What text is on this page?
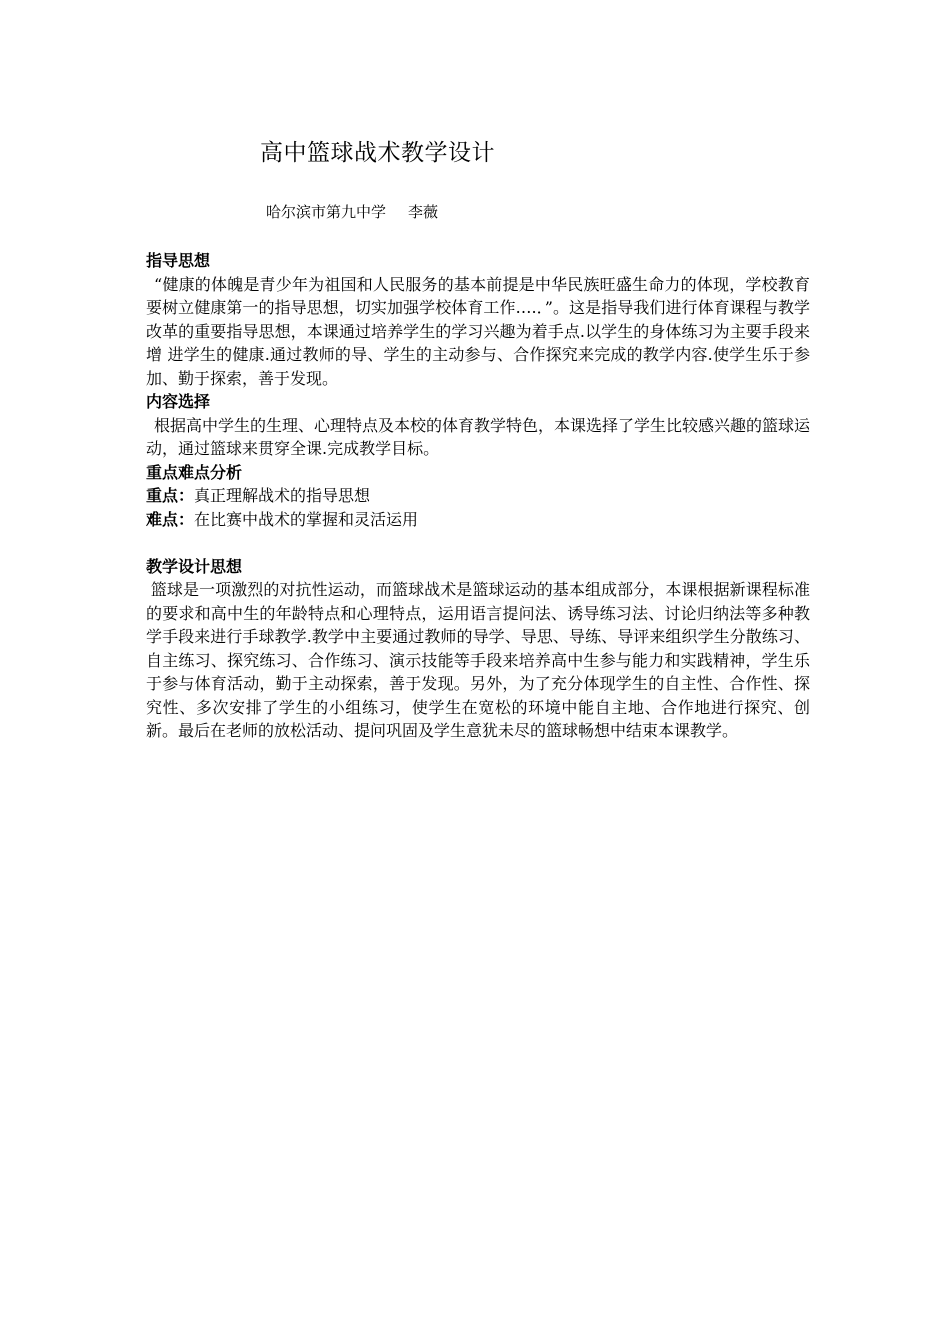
高中篮球战术教学设计
哈尔滨市第九中学 李薇
指导思想

“健康的体魄是青少年为祖国和人民服务的基本前提是中华民族旺盛生命力的体现，学校教育要树立健康第一的指导思想，切实加强学校体育工作….．”。这是指导我们进行体育课程与教学改革的重要指导思想，本课通过培养学生的学习兴趣为着手点.以学生的身体练习为主要手段来增 进学生的健康.通过教师的导、学生的主动参与、合作探究来完成的教学内容.使学生乐于参加、勤于探索，善于发现。

内容选择

根据高中学生的生理、心理特点及本校的体育教学特色，本课选择了学生比较感兴趣的篮球运动，通过篮球来贯穿全课.完成教学目标。

重点难点分析

重点：真正理解战术的指导思想

难点：在比赛中战术的掌握和灵活运用

教学设计思想

篮球是一项激烈的对抗性运动，而篮球战术是篮球运动的基本组成部分，本课根据新课程标准的要求和高中生的年龄特点和心理特点，运用语言提问法、诱导练习法、讨论归纳法等多种教学手段来进行手球教学.教学中主要通过教师的导学、导思、导练、导评来组织学生分散练习、自主练习、探究练习、合作练习、演示技能等手段来培养高中生参与能力和实践精神，学生乐于参与体育活动，勤于主动探索，善于发现。另外，为了充分体现学生的自主性、合作性、探究性、多次安排了学生的小组练习，使学生在宽松的环境中能自主地、合作地进行探究、创新。最后在老师的放松活动、提问巩固及学生意犹未尽的篮球畅想中结束本课教学。
